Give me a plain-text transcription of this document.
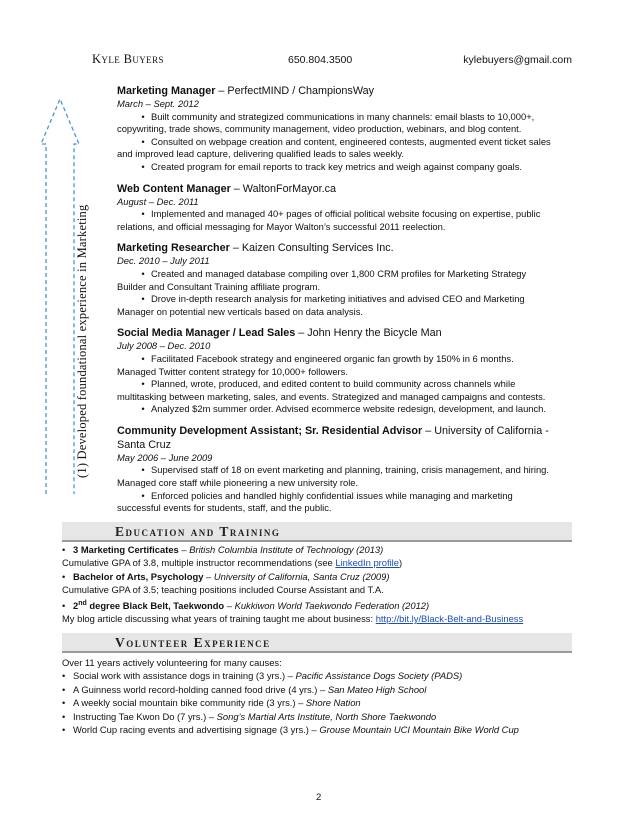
Kyle Buyers	650.804.3500	kylebuyers@gmail.com
(1) Developed foundational experience in Marketing
Marketing Manager – PerfectMIND / ChampionsWay
March – Sept. 2012
• Built community and strategized communications in many channels: email blasts to 10,000+,
copywriting, trade shows, community management, video production, webinars, and blog content.
• Consulted on webpage creation and content, engineered contests, augmented event ticket sales
and improved lead capture, delivering qualified leads to sales weekly.
• Created program for email reports to track key metrics and weigh against company goals.
Web Content Manager – WaltonForMayor.ca
August – Dec. 2011
• Implemented and managed 40+ pages of official political website focusing on expertise, public
relations, and official messaging for Mayor Walton’s successful 2011 reelection.
Marketing Researcher – Kaizen Consulting Services Inc.
Dec. 2010 – July 2011
• Created and managed database compiling over 1,800 CRM profiles for Marketing Strategy
Builder and Consultant Training affiliate program.
• Drove in-depth research analysis for marketing initiatives and advised CEO and Marketing
Manager on potential new verticals based on data analysis.
Social Media Manager / Lead Sales – John Henry the Bicycle Man
July 2008 – Dec. 2010
• Facilitated Facebook strategy and engineered organic fan growth by 150% in 6 months.
Managed Twitter content strategy for 10,000+ followers.
• Planned, wrote, produced, and edited content to build community across channels while
multitasking between marketing, sales, and events. Strategized and managed campaigns and contests.
• Analyzed $2m summer order. Advised ecommerce website redesign, development, and launch.
Community Development Assistant; Sr. Residential Advisor – University of California - Santa Cruz
May 2006 – June 2009
• Supervised staff of 18 on event marketing and planning, training, crisis management, and hiring.
Managed core staff while pioneering a new university role.
• Enforced policies and handled highly confidential issues while managing and marketing
successful events for students, staff, and the public.
Education and Training
• 3 Marketing Certificates – British Columbia Institute of Technology (2013)
Cumulative GPA of 3.8, multiple instructor recommendations (see LinkedIn profile)
• Bachelor of Arts, Psychology – University of California, Santa Cruz (2009)
Cumulative GPA of 3.5; teaching positions included Course Assistant and T.A.
• 2nd degree Black Belt, Taekwondo – Kukkiwon World Taekwondo Federation (2012)
My blog article discussing what years of training taught me about business: http://bit.ly/Black-Belt-and-Business
Volunteer Experience
Over 11 years actively volunteering for many causes:
• Social work with assistance dogs in training (3 yrs.) – Pacific Assistance Dogs Society (PADS)
• A Guinness world record-holding canned food drive (4 yrs.) – San Mateo High School
• A weekly social mountain bike community ride (3 yrs.) – Shore Nation
• Instructing Tae Kwon Do (7 yrs.) – Song’s Martial Arts Institute, North Shore Taekwondo
• World Cup racing events and advertising signage (3 yrs.) – Grouse Mountain UCI Mountain Bike World Cup
2
